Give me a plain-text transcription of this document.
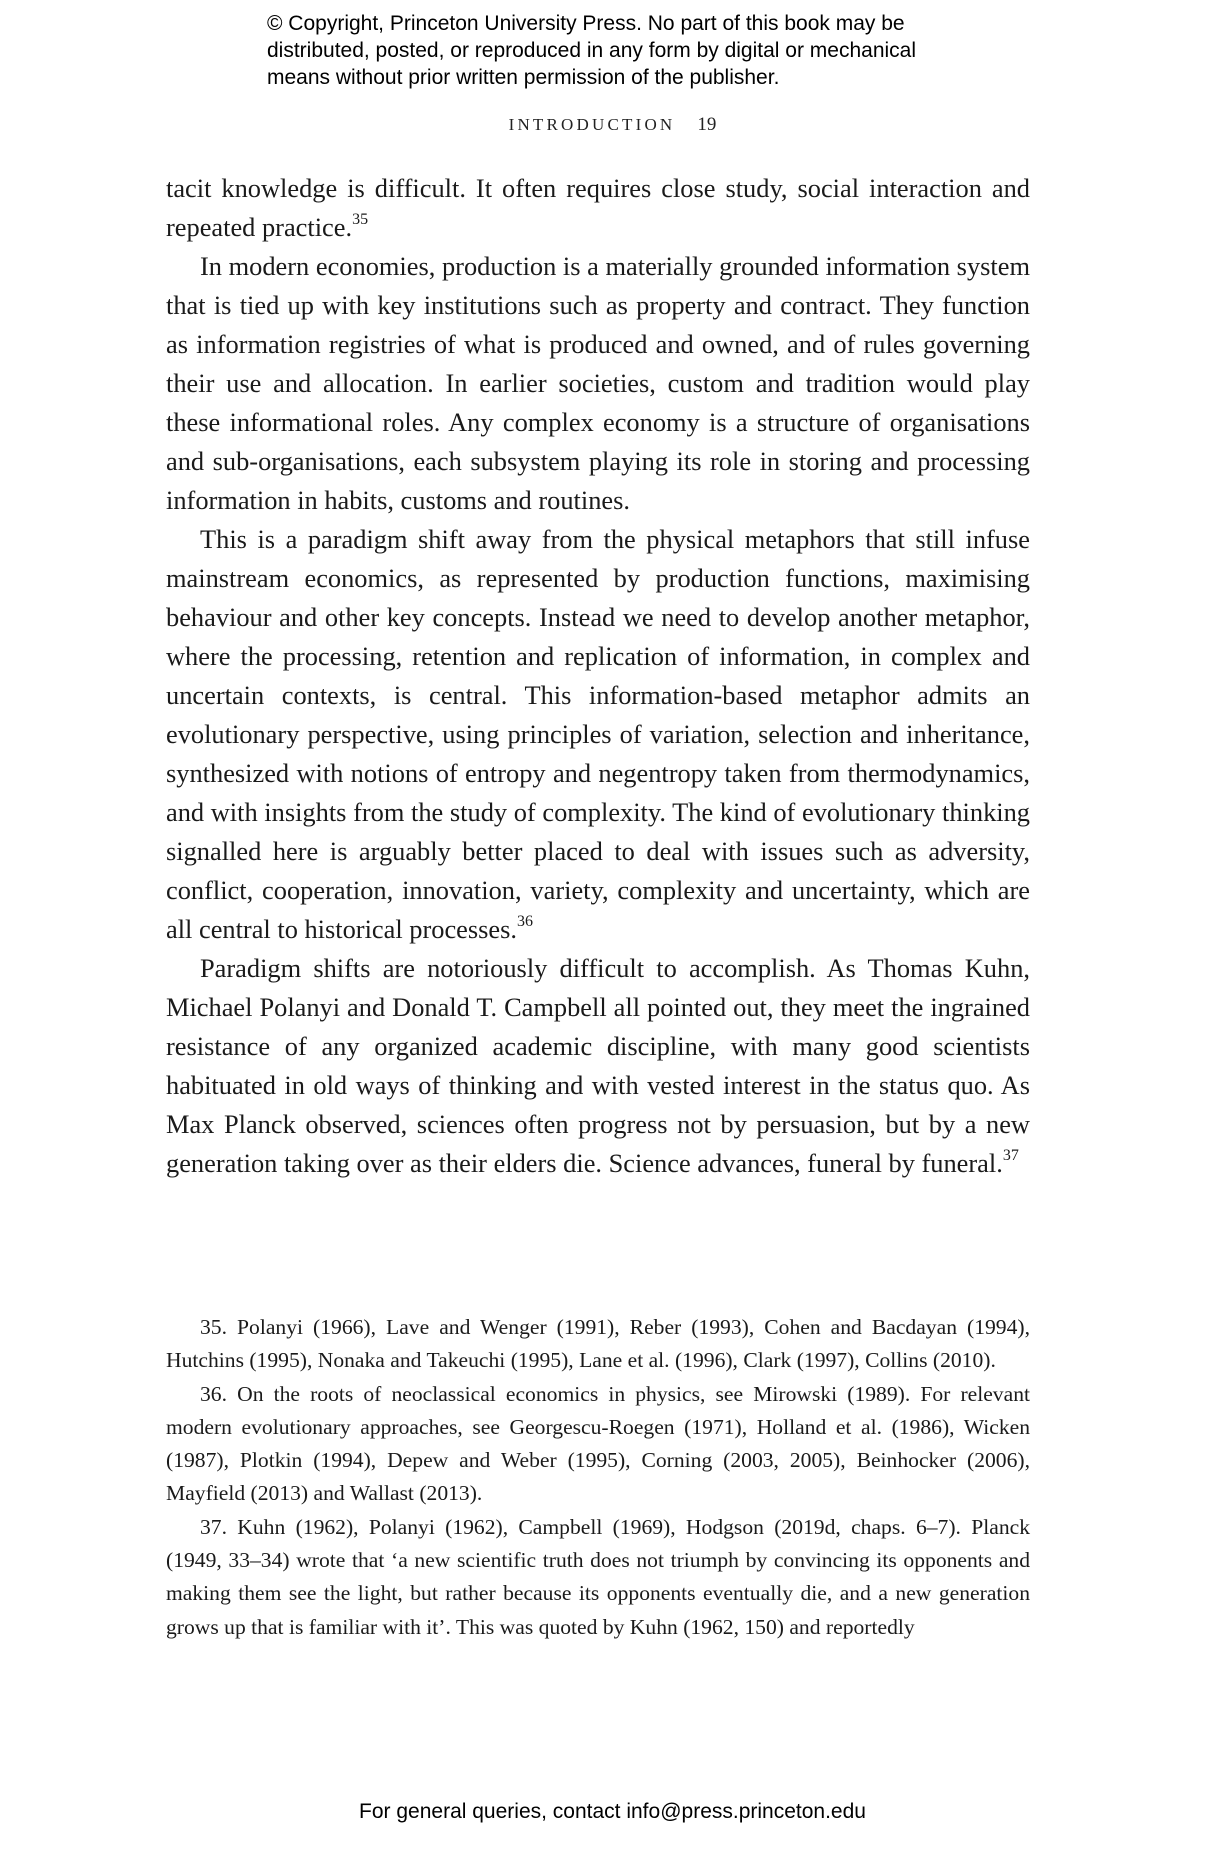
© Copyright, Princeton University Press. No part of this book may be

distributed, posted, or reproduced in any form by digital or mechanical

means without prior written permission of the publisher.

INTRODUCTION 19

tacit knowledge is difficult. It often requires close study, social interaction and repeated practice.$^{35}$

In modern economies, production is a materially grounded information system that is tied up with key institutions such as property and contract. They function as information registries of what is produced and owned, and of rules governing their use and allocation. In earlier societies, custom and tradition would play these informational roles. Any complex economy is a structure of organisations and sub-organisations, each subsystem playing its role in storing and processing information in habits, customs and routines.

This is a paradigm shift away from the physical metaphors that still infuse mainstream economics, as represented by production functions, maximising behaviour and other key concepts. Instead we need to develop another metaphor, where the processing, retention and replication of information, in complex and uncertain contexts, is central. This information-based metaphor admits an evolutionary perspective, using principles of variation, selection and inheritance, synthesized with notions of entropy and negentropy taken from thermodynamics, and with insights from the study of complexity. The kind of evolutionary thinking signalled here is arguably better placed to deal with issues such as adversity, conflict, cooperation, innovation, variety, complexity and uncertainty, which are all central to historical processes.$^{36}$

Paradigm shifts are notoriously difficult to accomplish. As Thomas Kuhn, Michael Polanyi and Donald T. Campbell all pointed out, they meet the ingrained resistance of any organized academic discipline, with many good scientists habituated in old ways of thinking and with vested interest in the status quo. As Max Planck observed, sciences often progress not by persuasion, but by a new generation taking over as their elders die. Science advances, funeral by funeral.$^{37}$

35. Polanyi (1966), Lave and Wenger (1991), Reber (1993), Cohen and Bacdayan (1994), Hutchins (1995), Nonaka and Takeuchi (1995), Lane et al. (1996), Clark (1997), Collins (2010).

36. On the roots of neoclassical economics in physics, see Mirowski (1989). For relevant modern evolutionary approaches, see Georgescu-Roegen (1971), Holland et al. (1986), Wicken (1987), Plotkin (1994), Depew and Weber (1995), Corning (2003, 2005), Beinhocker (2006), Mayfield (2013) and Wallast (2013).

37. Kuhn (1962), Polanyi (1962), Campbell (1969), Hodgson (2019d, chaps. 6–7). Planck (1949, 33–34) wrote that ‘a new scientific truth does not triumph by convincing its opponents and making them see the light, but rather because its opponents eventually die, and a new generation grows up that is familiar with it’. This was quoted by Kuhn (1962, 150) and reportedly

For general queries, contact info@press.princeton.edu
